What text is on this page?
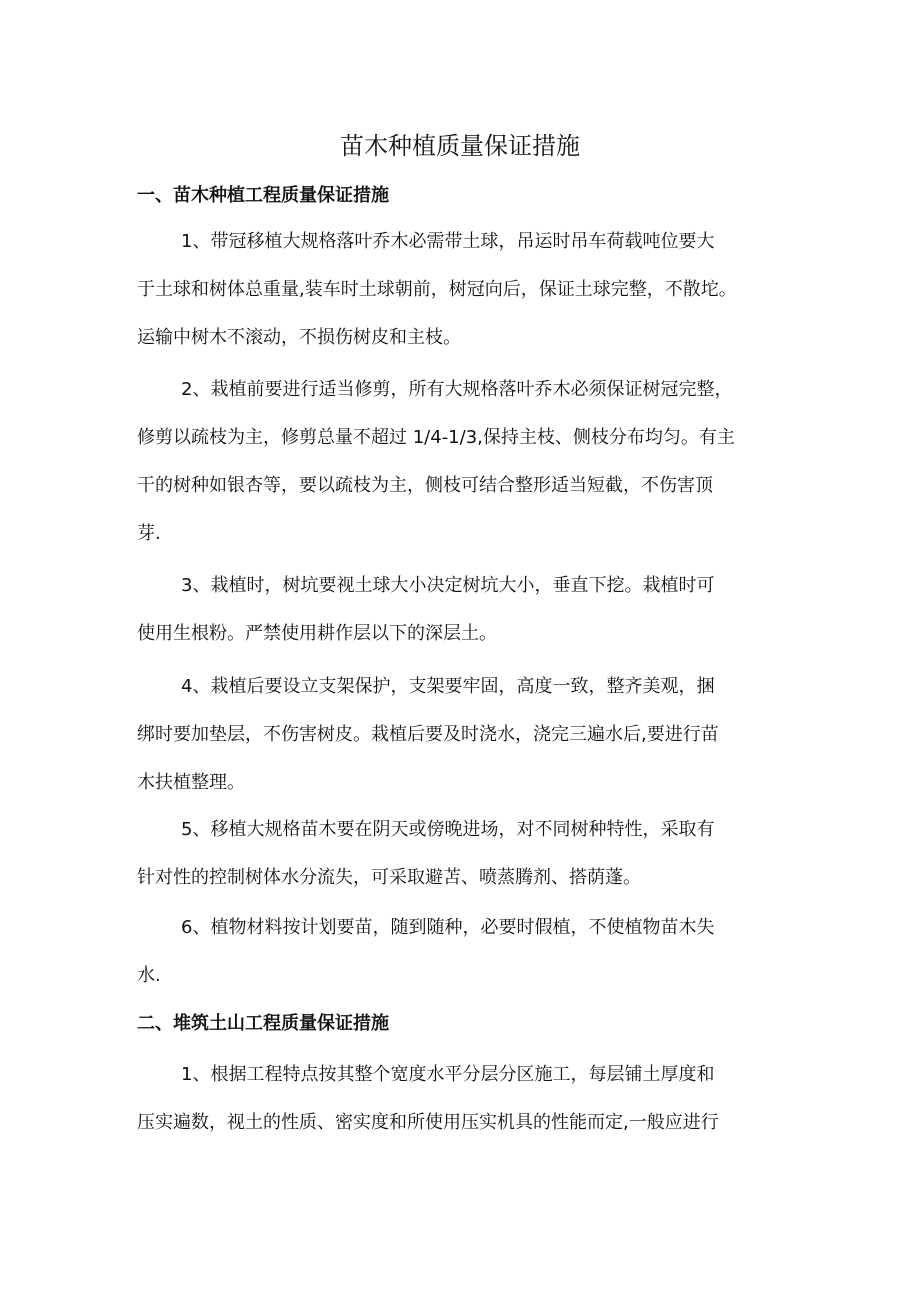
苗木种植质量保证措施
一、苗木种植工程质量保证措施
1、带冠移植大规格落叶乔木必需带土球，吊运时吊车荷载吨位要大
于土球和树体总重量,装车时土球朝前，树冠向后，保证土球完整，不散坨。
运输中树木不滚动，不损伤树皮和主枝。
2、栽植前要进行适当修剪，所有大规格落叶乔木必须保证树冠完整，
修剪以疏枝为主，修剪总量不超过 1/4-1/3,保持主枝、侧枝分布均匀。有主
干的树种如银杏等，要以疏枝为主，侧枝可结合整形适当短截，不伤害顶
芽.
3、栽植时，树坑要视土球大小决定树坑大小，垂直下挖。栽植时可
使用生根粉。严禁使用耕作层以下的深层土。
4、栽植后要设立支架保护，支架要牢固，高度一致，整齐美观，捆
绑时要加垫层，不伤害树皮。栽植后要及时浇水，浇完三遍水后,要进行苗
木扶植整理。
5、移植大规格苗木要在阴天或傍晚进场，对不同树种特性，采取有
针对性的控制树体水分流失，可采取避苫、喷蒸腾剂、搭荫蓬。
6、植物材料按计划要苗，随到随种，必要时假植，不使植物苗木失
水.
二、堆筑土山工程质量保证措施
1、根据工程特点按其整个宽度水平分层分区施工，每层铺土厚度和
压实遍数，视土的性质、密实度和所使用压实机具的性能而定,一般应进行
